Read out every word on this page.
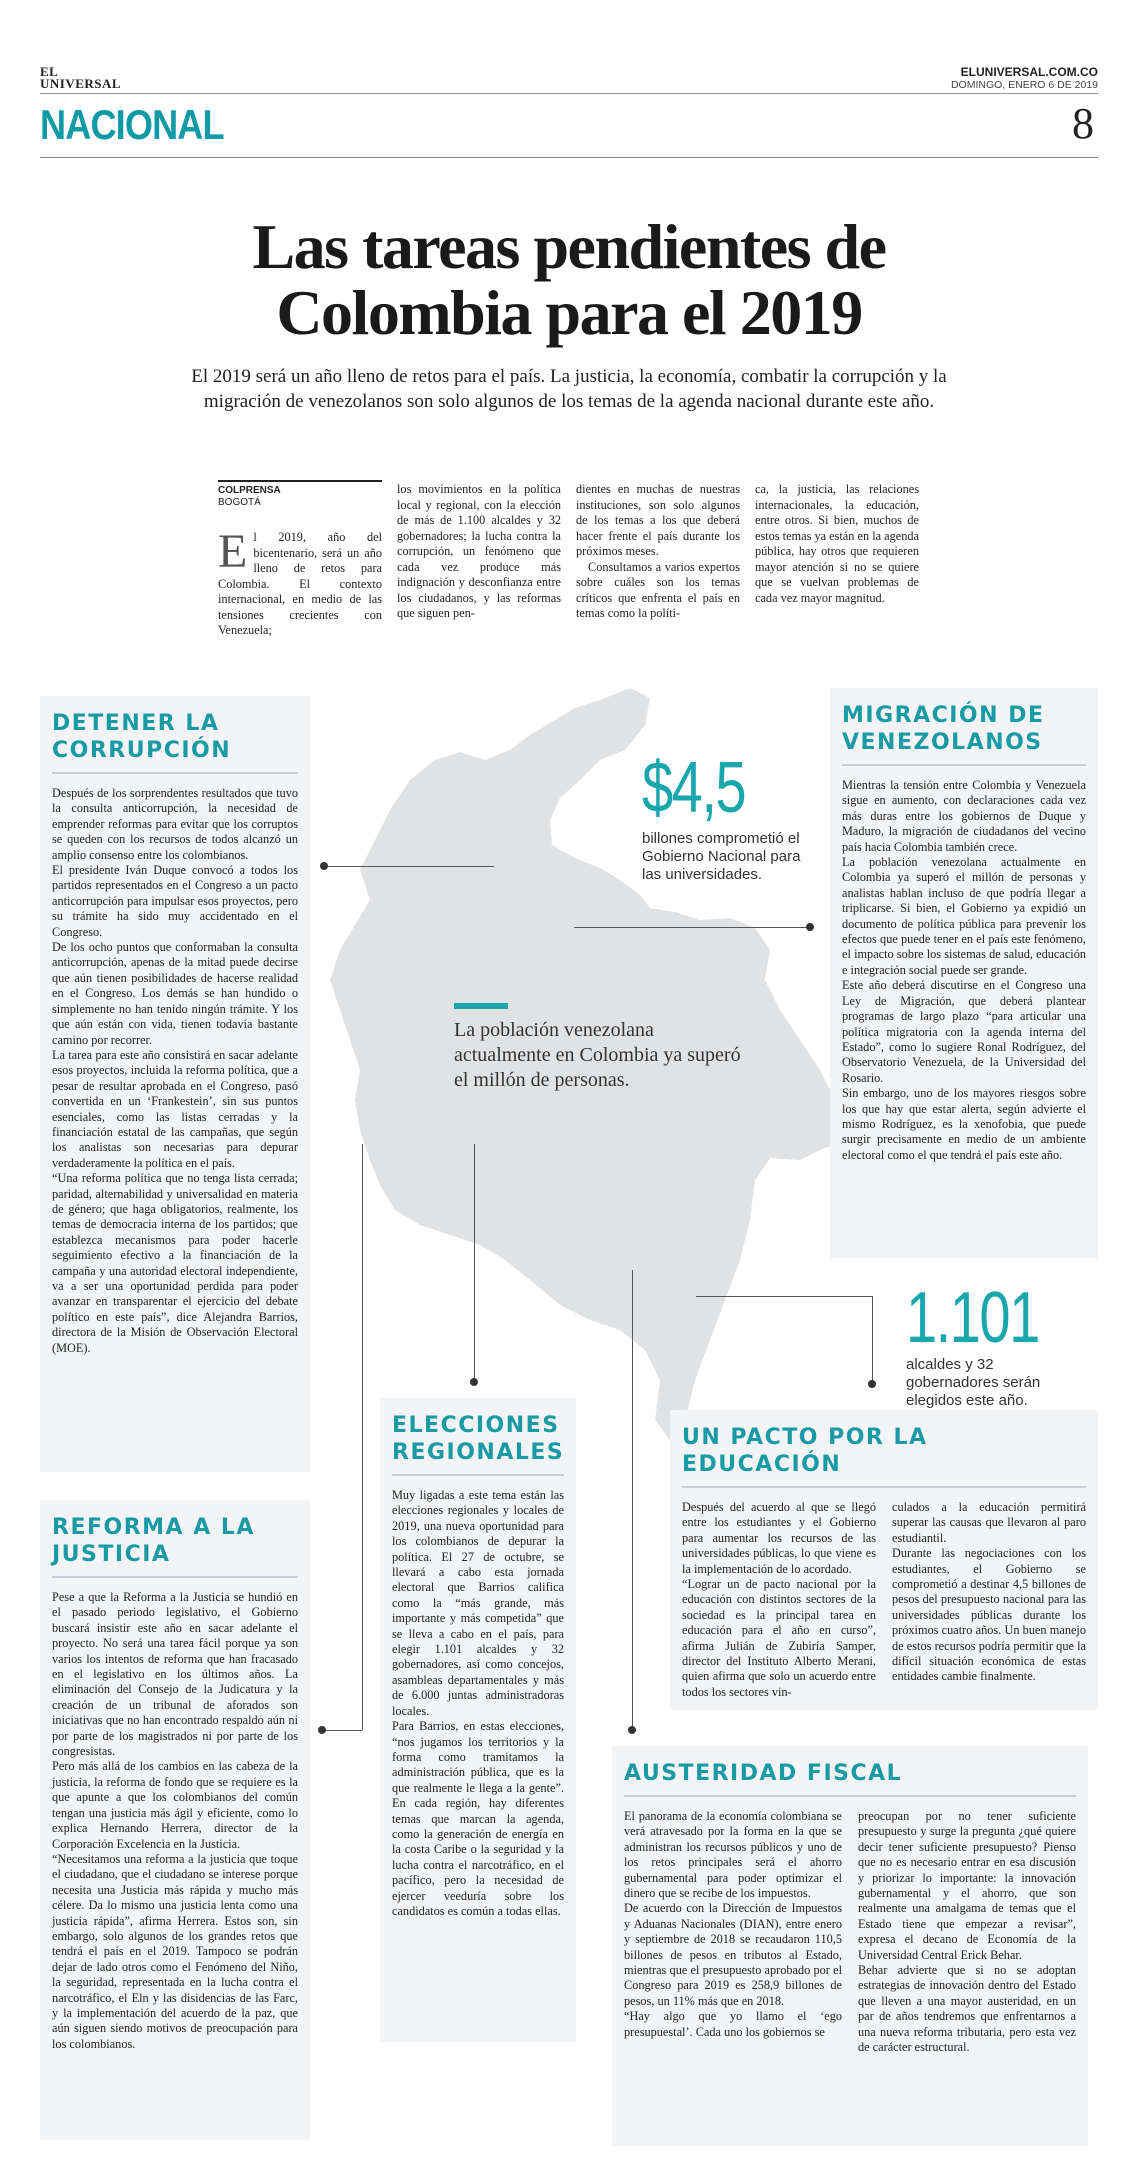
EL
UNIVERSAL
ELUNIVERSAL.COM.CO
DOMINGO, ENERO 6 DE 2019
NACIONAL	8
Las tareas pendientes de
Colombia para el 2019
El 2019 será un año lleno de retos para el país. La justicia, la economía, combatir la corrupción y la migración de venezolanos son solo algunos de los temas de la agenda nacional durante este año.
COLPRENSA
BOGOTÁ
El 2019, año del bicentenario, será un año lleno de retos para Colombia. El contexto internacional, en medio de las tensiones crecientes con Venezuela;
los movimientos en la política local y regional, con la elección de más de 1.100 alcaldes y 32 gobernadores; la lucha contra la corrupción, un fenómeno que cada vez produce más indignación y desconfianza entre los ciudadanos, y las reformas que siguen pen-

dientes en muchas de nuestras instituciones, son solo algunos de los temas a los que deberá hacer frente el país durante los próximos meses.

Consultamos a varios expertos sobre cuáles son los temas críticos que enfrenta el país en temas como la políti-

ca, la justicia, las relaciones internacionales, la educación, entre otros. Si bien, muchos de estos temas ya están en la agenda pública, hay otros que requieren mayor atención si no se quiere que se vuelvan problemas de cada vez mayor magnitud.
$4,5
billones comprometió el Gobierno Nacional para las universidades.
La población venezolana actualmente en Colombia ya superó el millón de personas.
1.101
alcaldes y 32 gobernadores serán elegidos este año.
DETENER LA CORRUPCIÓN

Después de los sorprendentes resultados que tuvo la consulta anticorrupción, la necesidad de emprender reformas para evitar que los corruptos se queden con los recursos de todos alcanzó un amplio consenso entre los colombianos.

El presidente Iván Duque convocó a todos los partidos representados en el Congreso a un pacto anticorrupción para impulsar esos proyectos, pero su trámite ha sido muy accidentado en el Congreso.

De los ocho puntos que conformaban la consulta anticorrupción, apenas de la mitad puede decirse que aún tienen posibilidades de hacerse realidad en el Congreso. Los demás se han hundido o simplemente no han tenido ningún trámite. Y los que aún están con vida, tienen todavía bastante camino por recorrer.

La tarea para este año consistirá en sacar adelante esos proyectos, incluida la reforma política, que a pesar de resultar aprobada en el Congreso, pasó convertida en un ‘Frankestein’, sin sus puntos esenciales, como las listas cerradas y la financiación estatal de las campañas, que según los analistas son necesarias para depurar verdaderamente la política en el país.

“Una reforma política que no tenga lista cerrada; paridad, alternabilidad y universalidad en materia de género; que haga obligatorios, realmente, los temas de democracia interna de los partidos; que establezca mecanismos para poder hacerle seguimiento efectivo a la financiación de la campaña y una autoridad electoral independiente, va a ser una oportunidad perdida para poder avanzar en transparentar el ejercicio del debate político en este país”, dice Alejandra Barrios, directora de la Misión de Observación Electoral (MOE).

MIGRACIÓN DE VENEZOLANOS

Mientras la tensión entre Colombia y Venezuela sigue en aumento, con declaraciones cada vez más duras entre los gobiernos de Duque y Maduro, la migración de ciudadanos del vecino país hacia Colombia también crece.

La población venezolana actualmente en Colombia ya superó el millón de personas y analistas hablan incluso de que podría llegar a triplicarse. Si bien, el Gobierno ya expidió un documento de política pública para prevenir los efectos que puede tener en el país este fenómeno, el impacto sobre los sistemas de salud, educación e integración social puede ser grande.

Este año deberá discutirse en el Congreso una Ley de Migración, que deberá plantear programas de largo plazo “para articular una política migratoria con la agenda interna del Estado”, como lo sugiere Ronal Rodríguez, del Observatorio Venezuela, de la Universidad del Rosario.

Sin embargo, uno de los mayores riesgos sobre los que hay que estar alerta, según advierte el mismo Rodríguez, es la xenofobia, que puede surgir precisamente en medio de un ambiente electoral como el que tendrá el país este año.

REFORMA A LA JUSTICIA

Pese a que la Reforma a la Justicia se hundió en el pasado periodo legislativo, el Gobierno buscará insistir este año en sacar adelante el proyecto. No será una tarea fácil porque ya son varios los intentos de reforma que han fracasado en el legislativo en los últimos años. La eliminación del Consejo de la Judicatura y la creación de un tribunal de aforados son iniciativas que no han encontrado respaldo aún ni por parte de los magistrados ni por parte de los congresistas.

Pero más allá de los cambios en las cabeza de la justicia, la reforma de fondo que se requiere es la que apunte a que los colombianos del común tengan una justicia más ágil y eficiente, como lo explica Hernando Herrera, director de la Corporación Excelencia en la Justicia.

“Necesitamos una reforma a la justicia que toque el ciudadano, que el ciudadano se interese porque necesita una Justicia más rápida y mucho más célere. Da lo mismo una justicia lenta como una justicia rápida”, afirma Herrera. Estos son, sin embargo, solo algunos de los grandes retos que tendrá el país en el 2019. Tampoco se podrán dejar de lado otros como el Fenómeno del Niño, la seguridad, representada en la lucha contra el narcotráfico, el Eln y las disidencias de las Farc, y la implementación del acuerdo de la paz, que aún siguen siendo motivos de preocupación para los colombianos.

ELECCIONES REGIONALES

Muy ligadas a este tema están las elecciones regionales y locales de 2019, una nueva oportunidad para los colombianos de depurar la política. El 27 de octubre, se llevará a cabo esta jornada electoral que Barrios califica como la “más grande, más importante y más competida” que se lleva a cabo en el país, para elegir 1.101 alcaldes y 32 gobernadores, así como concejos, asambleas departamentales y más de 6.000 juntas administradoras locales.

Para Barrios, en estas elecciones, “nos jugamos los territorios y la forma como tramitamos la administración pública, que es la que realmente le llega a la gente”. En cada región, hay diferentes temas que marcan la agenda, como la generación de energía en la costa Caribe o la seguridad y la lucha contra el narcotráfico, en el pacífico, pero la necesidad de ejercer veeduría sobre los candidatos es común a todas ellas.

UN PACTO POR LA EDUCACIÓN

Después del acuerdo al que se llegó entre los estudiantes y el Gobierno para aumentar los recursos de las universidades públicas, lo que viene es la implementación de lo acordado.

“Lograr un de pacto nacional por la educación con distintos sectores de la sociedad es la principal tarea en educación para el año en curso”, afirma Julián de Zubiría Samper, director del Instituto Alberto Merani, quien afirma que solo un acuerdo entre todos los sectores vin-

culados a la educación permitirá superar las causas que llevaron al paro estudiantil.

Durante las negociaciones con los estudiantes, el Gobierno se comprometió a destinar 4,5 billones de pesos del presupuesto nacional para las universidades públicas durante los próximos cuatro años. Un buen manejo de estos recursos podría permitir que la difícil situación económica de estas entidades cambie finalmente.

AUSTERIDAD FISCAL

El panorama de la economía colombiana se verá atravesado por la forma en la que se administran los recursos públicos y uno de los retos principales será el ahorro gubernamental para poder optimizar el dinero que se recibe de los impuestos.

De acuerdo con la Dirección de Impuestos y Aduanas Nacionales (DIAN), entre enero y septiembre de 2018 se recaudaron 110,5 billones de pesos en tributos al Estado, mientras que el presupuesto aprobado por el Congreso para 2019 es 258,9 billones de pesos, un 11% más que en 2018.

“Hay algo que yo llamo el ‘ego presupuestal’. Cada uno los gobiernos se

preocupan por no tener suficiente presupuesto y surge la pregunta ¿qué quiere decir tener suficiente presupuesto? Pienso que no es necesario entrar en esa discusión y priorizar lo importante: la innovación gubernamental y el ahorro, que son realmente una amalgama de temas que el Estado tiene que empezar a revisar”, expresa el decano de Economía de la Universidad Central Erick Behar.

Behar advierte que si no se adoptan estrategias de innovación dentro del Estado que lleven a una mayor austeridad, en un par de años tendremos que enfrentarnos a una nueva reforma tributaria, pero esta vez de carácter estructural.
